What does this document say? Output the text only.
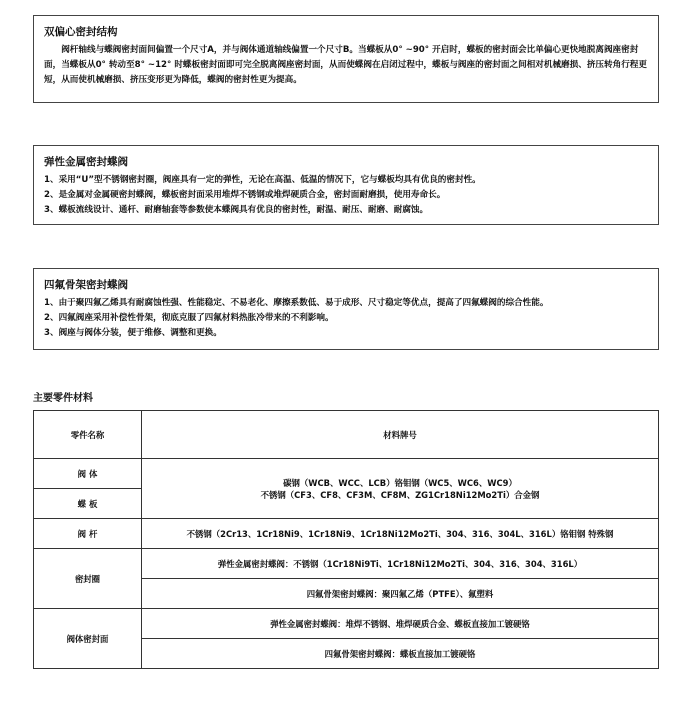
双偏心密封结构

阀杆轴线与蝶阀密封面间偏置一个尺寸A，并与阀体通道轴线偏置一个尺寸B。当蝶板从0° ~90° 开启时，蝶板的密封面会比单偏心更快地脱离阀座密封面，当蝶板从0° 转动至8° ~12° 时蝶板密封面即可完全脱离阀座密封面，从而使蝶阀在启闭过程中，蝶板与阀座的密封面之间相对机械磨损、挤压转角行程更短，从而使机械磨损、挤压变形更为降低，蝶阀的密封性更为提高。

弹性金属密封蝶阀

1、采用“U”型不锈钢密封圈，阀座具有一定的弹性，无论在高温、低温的情况下，它与蝶板均具有优良的密封性。

2、是金属对金属硬密封蝶阀，蝶板密封面采用堆焊不锈钢或堆焊硬质合金，密封面耐磨损，使用寿命长。

3、蝶板流线设计、通杆、耐磨轴套等参数使本蝶阀具有优良的密封性，耐温、耐压、耐磨、耐腐蚀。

四氟骨架密封蝶阀

1、由于聚四氟乙烯具有耐腐蚀性强、性能稳定、不易老化、摩擦系数低、易于成形、尺寸稳定等优点，提高了四氟蝶阀的综合性能。

2、四氟阀座采用补偿性骨架，彻底克服了四氟材料热胀冷带来的不利影响。

3、阀座与阀体分装，便于维修、调整和更换。

主要零件材料
零件名称	材料牌号
阀 体	碳钢（WCB、WCC、LCB）铬钼钢（WC5、WC6、WC9）
不锈钢（CF3、CF8、CF3M、CF8M、ZG1Cr18Ni12Mo2Ti）合金钢

蝶 板	
阀 杆	不锈钢（2Cr13、1Cr18Ni9、1Cr18Ni9、1Cr18Ni12Mo2Ti、304、316、304L、316L）铬钼钢 特殊钢
密封圈	弹性金属密封蝶阀：不锈钢（1Cr18Ni9Ti、1Cr18Ni12Mo2Ti、304、316、304、316L）
	四氟骨架密封蝶阀：聚四氟乙烯（PTFE）、氟塑料
阀体密封面	弹性金属密封蝶阀：堆焊不锈钢、堆焊硬质合金、蝶板直接加工镀硬铬
	四氟骨架密封蝶阀：蝶板直接加工镀硬铬
